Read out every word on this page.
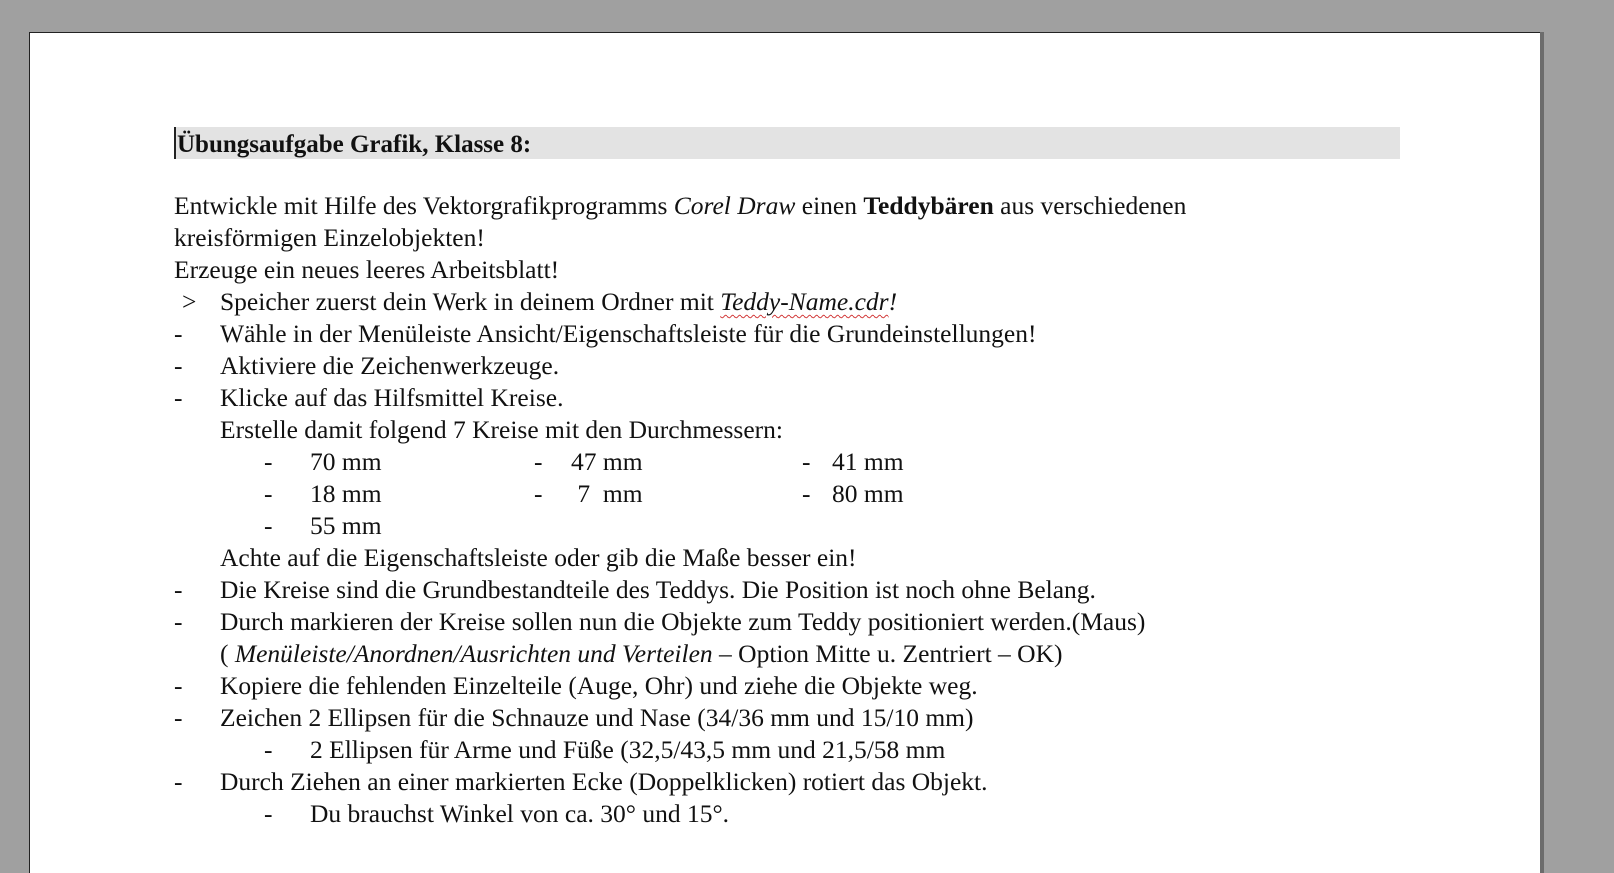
Übungsaufgabe Grafik, Klasse 8:
Entwickle mit Hilfe des Vektorgrafikprogramms Corel Draw einen Teddybären aus verschiedenen
kreisförmigen Einzelobjekten!
Erzeuge ein neues leeres Arbeitsblatt!
> Speicher zuerst dein Werk in deinem Ordner mit Teddy-Name.cdr!
-	Wähle in der Menüleiste Ansicht/Eigenschaftsleiste für die Grundeinstellungen!
-	Aktiviere die Zeichenwerkzeuge.
-	Klicke auf das Hilfsmittel Kreise.
Erstelle damit folgend 7 Kreise mit den Durchmessern:
- 70 mm	- 47 mm	- 41 mm
- 18 mm	- 7  mm	- 80 mm
- 55 mm
Achte auf die Eigenschaftsleiste oder gib die Maße besser ein!
-	Die Kreise sind die Grundbestandteile des Teddys. Die Position ist noch ohne Belang.
-	Durch markieren der Kreise sollen nun die Objekte zum Teddy positioniert werden.(Maus)
( Menüleiste/Anordnen/Ausrichten und Verteilen – Option Mitte u. Zentriert – OK)
-	Kopiere die fehlenden Einzelteile (Auge, Ohr) und ziehe die Objekte weg.
-	Zeichen 2 Ellipsen für die Schnauze und Nase (34/36 mm und 15/10 mm)
- 2 Ellipsen für Arme und Füße (32,5/43,5 mm und 21,5/58 mm
-	Durch Ziehen an einer markierten Ecke (Doppelklicken) rotiert das Objekt.
- Du brauchst Winkel von ca. 30° und 15°.
